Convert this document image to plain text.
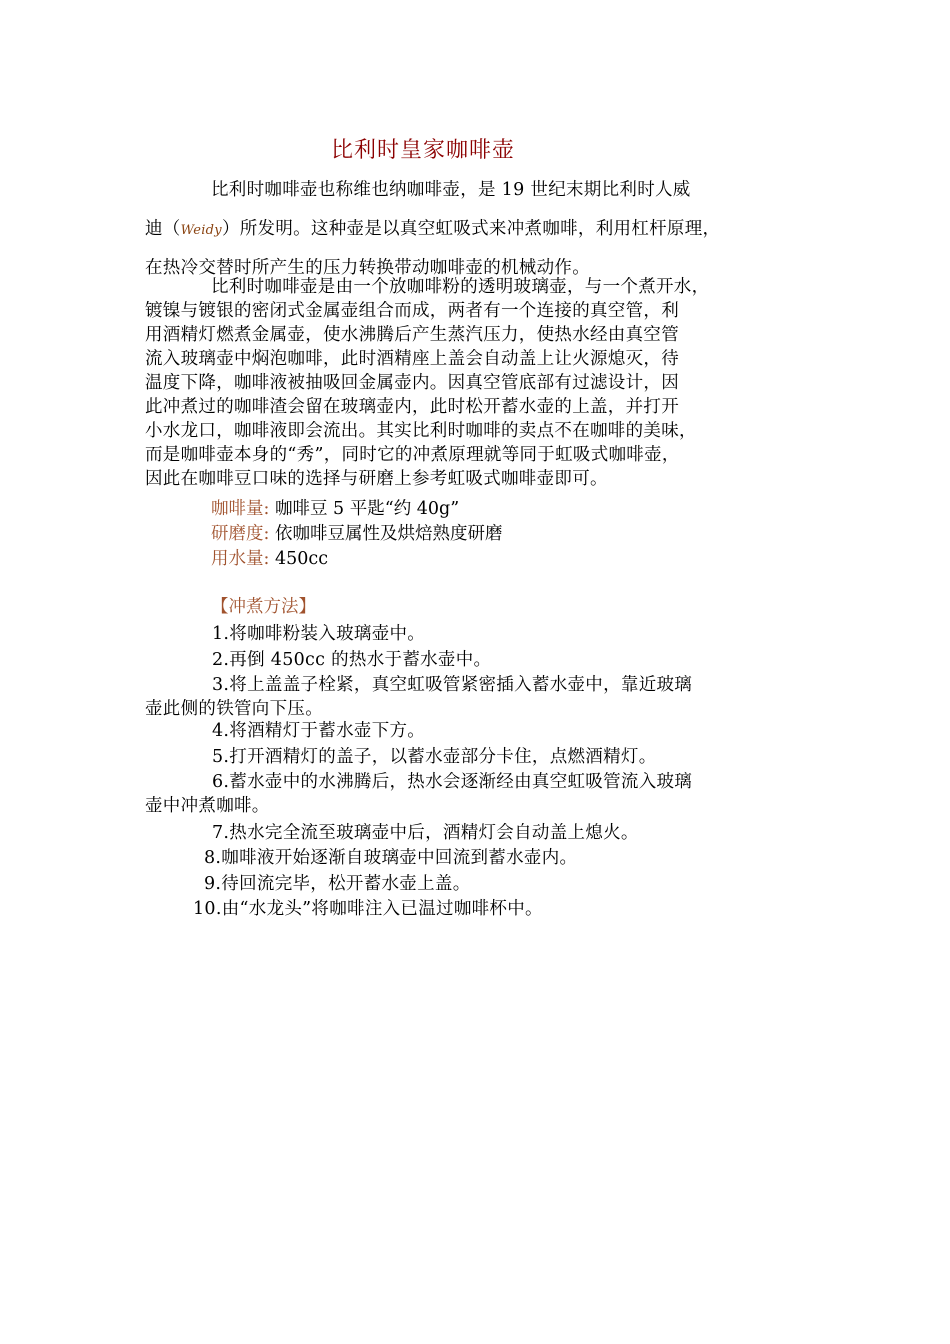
比利时皇家咖啡壶
比利时咖啡壶也称维也纳咖啡壶，是 19 世纪末期比利时人威
迪（Weidy）所发明。这种壶是以真空虹吸式来冲煮咖啡，利用杠杆原理，
在热冷交替时所产生的压力转换带动咖啡壶的机械动作。
比利时咖啡壶是由一个放咖啡粉的透明玻璃壶，与一个煮开水，
镀镍与镀银的密闭式金属壶组合而成，两者有一个连接的真空管，利
用酒精灯燃煮金属壶，使水沸腾后产生蒸汽压力，使热水经由真空管
流入玻璃壶中焖泡咖啡，此时酒精座上盖会自动盖上让火源熄灭，待
温度下降，咖啡液被抽吸回金属壶内。因真空管底部有过滤设计，因
此冲煮过的咖啡渣会留在玻璃壶内，此时松开蓄水壶的上盖，并打开
小水龙口，咖啡液即会流出。其实比利时咖啡的卖点不在咖啡的美味，
而是咖啡壶本身的“秀”，同时它的冲煮原理就等同于虹吸式咖啡壶，
因此在咖啡豆口味的选择与研磨上参考虹吸式咖啡壶即可。
咖啡量: 咖啡豆 5 平匙“约 40g”
研磨度: 依咖啡豆属性及烘焙熟度研磨
用水量: 450cc
【冲煮方法】
1.将咖啡粉装入玻璃壶中。
2.再倒 450cc 的热水于蓄水壶中。
3.将上盖盖子栓紧，真空虹吸管紧密插入蓄水壶中，靠近玻璃
壶此侧的铁管向下压。
4.将酒精灯于蓄水壶下方。
5.打开酒精灯的盖子，以蓄水壶部分卡住，点燃酒精灯。
6.蓄水壶中的水沸腾后，热水会逐渐经由真空虹吸管流入玻璃
壶中冲煮咖啡。
7.热水完全流至玻璃壶中后，酒精灯会自动盖上熄火。
8.咖啡液开始逐渐自玻璃壶中回流到蓄水壶内。
9.待回流完毕，松开蓄水壶上盖。
10.由“水龙头”将咖啡注入已温过咖啡杯中。
